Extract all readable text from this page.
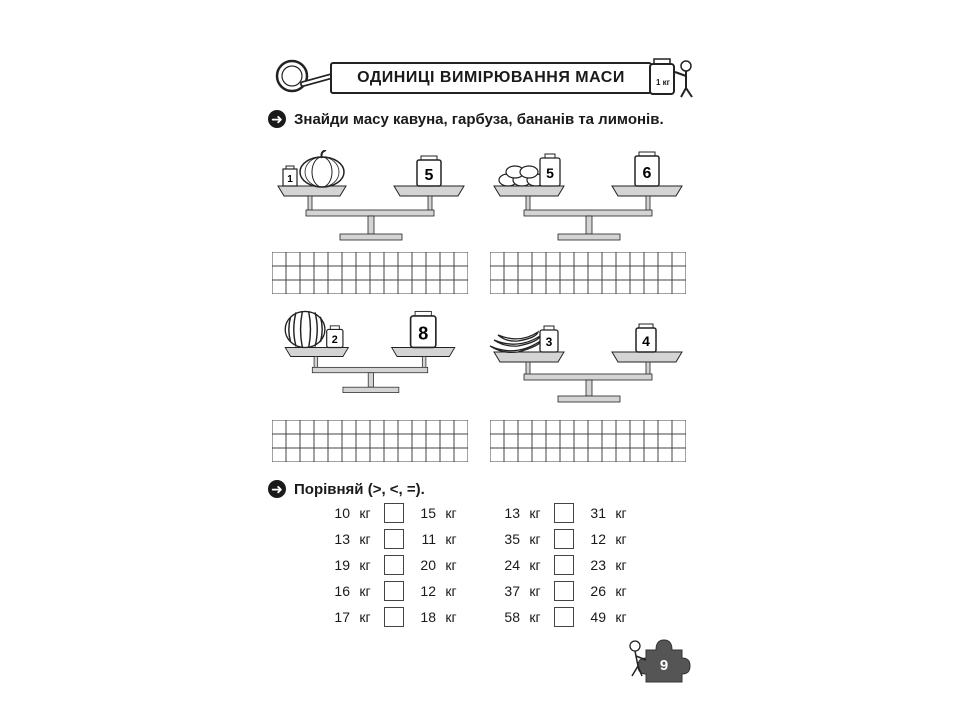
ОДИНИЦІ ВИМІРЮВАННЯ МАСИ	1 кг
➜ Знайди масу кавуна, гарбуза, бананів та лимонів.
1	5	5	6
2	8	3	4
➜ Порівняй (>, <, =).
10 кг	15 кг
13 кг	11 кг
19 кг	20 кг
16 кг	12 кг
17 кг	18 кг
13 кг	31 кг
35 кг	12 кг
24 кг	23 кг
37 кг	26 кг
58 кг	49 кг
9
